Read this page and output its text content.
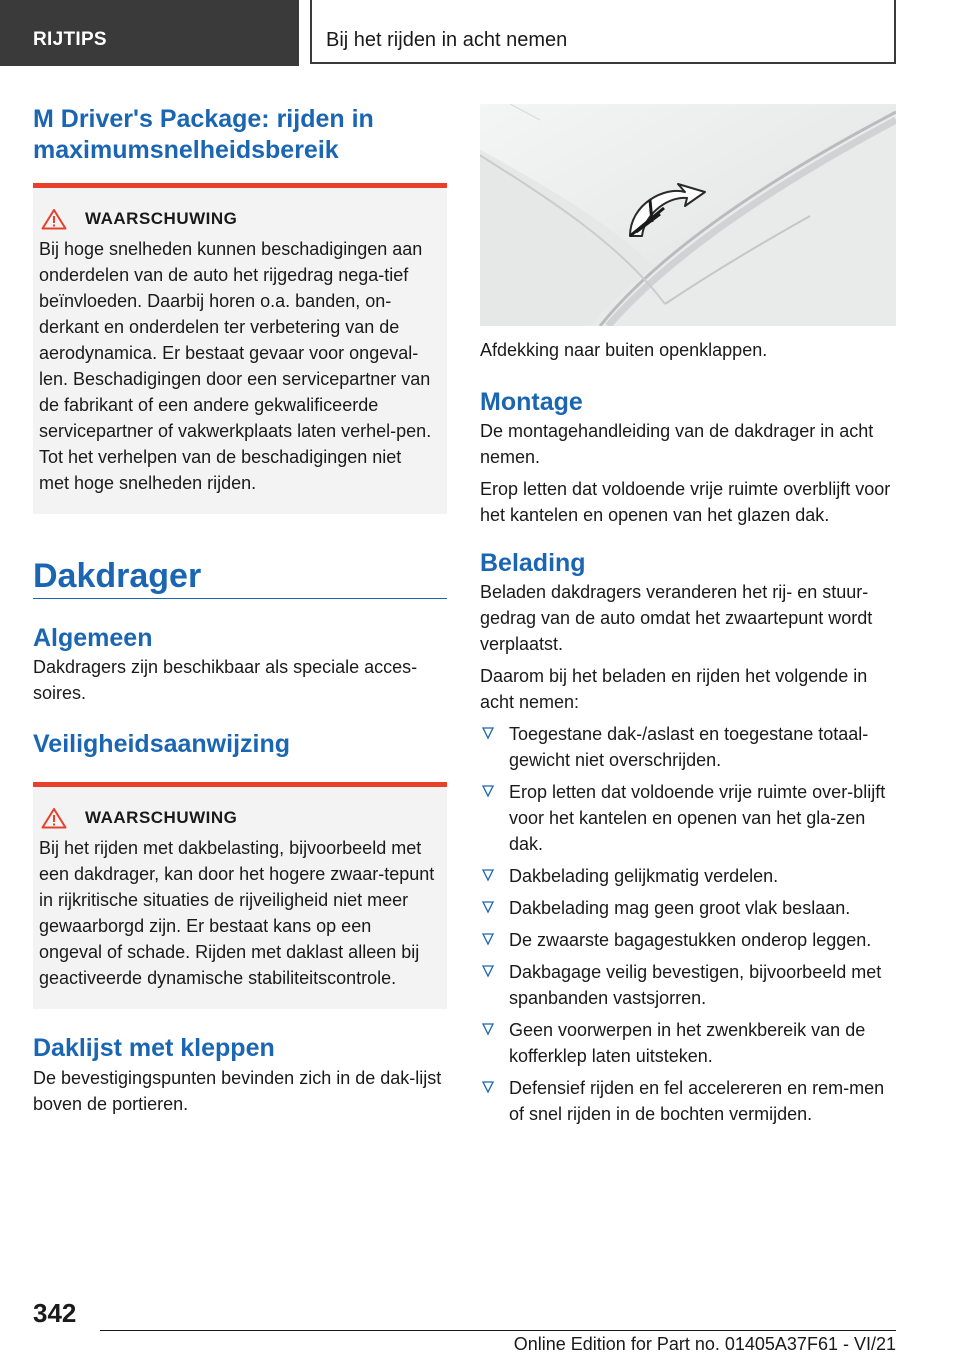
RIJTIPS	Bij het rijden in acht nemen
M Driver's Package: rijden in maximumsnelheidsbereik
WAARSCHUWING
Bij hoge snelheden kunnen beschadigingen aan onderdelen van de auto het rijgedrag nega-tief beïnvloeden. Daarbij horen o.a. banden, on-derkant en onderdelen ter verbetering van de aerodynamica. Er bestaat gevaar voor ongeval-len. Beschadigingen door een servicepartner van de fabrikant of een andere gekwalificeerde servicepartner of vakwerkplaats laten verhel-pen. Tot het verhelpen van de beschadigingen niet met hoge snelheden rijden.
Dakdrager
Algemeen

Dakdragers zijn beschikbaar als speciale acces-soires.

Veiligheidsaanwijzing
WAARSCHUWING
Bij het rijden met dakbelasting, bijvoorbeeld met een dakdrager, kan door het hogere zwaar-tepunt in rijkritische situaties de rijveiligheid niet meer gewaarborgd zijn. Er bestaat kans op een ongeval of schade. Rijden met daklast alleen bij geactiveerde dynamische stabiliteitscontrole.
Daklijst met kleppen

De bevestigingspunten bevinden zich in de dak-lijst boven de portieren.

Afdekking naar buiten openklappen.

Montage

De montagehandleiding van de dakdrager in acht nemen.

Erop letten dat voldoende vrije ruimte overblijft voor het kantelen en openen van het glazen dak.

Belading

Beladen dakdragers veranderen het rij- en stuur-gedrag van de auto omdat het zwaartepunt wordt verplaatst.

Daarom bij het beladen en rijden het volgende in acht nemen:

Toegestane dak-/aslast en toegestane totaal-gewicht niet overschrijden.
Erop letten dat voldoende vrije ruimte over-blijft voor het kantelen en openen van het gla-zen dak.
Dakbelading gelijkmatig verdelen.
Dakbelading mag geen groot vlak beslaan.
De zwaarste bagagestukken onderop leggen.
Dakbagage veilig bevestigen, bijvoorbeeld met spanbanden vastsjorren.
Geen voorwerpen in het zwenkbereik van de kofferklep laten uitsteken.
Defensief rijden en fel accelereren en rem-men of snel rijden in de bochten vermijden.
342
Online Edition for Part no. 01405A37F61 - VI/21
